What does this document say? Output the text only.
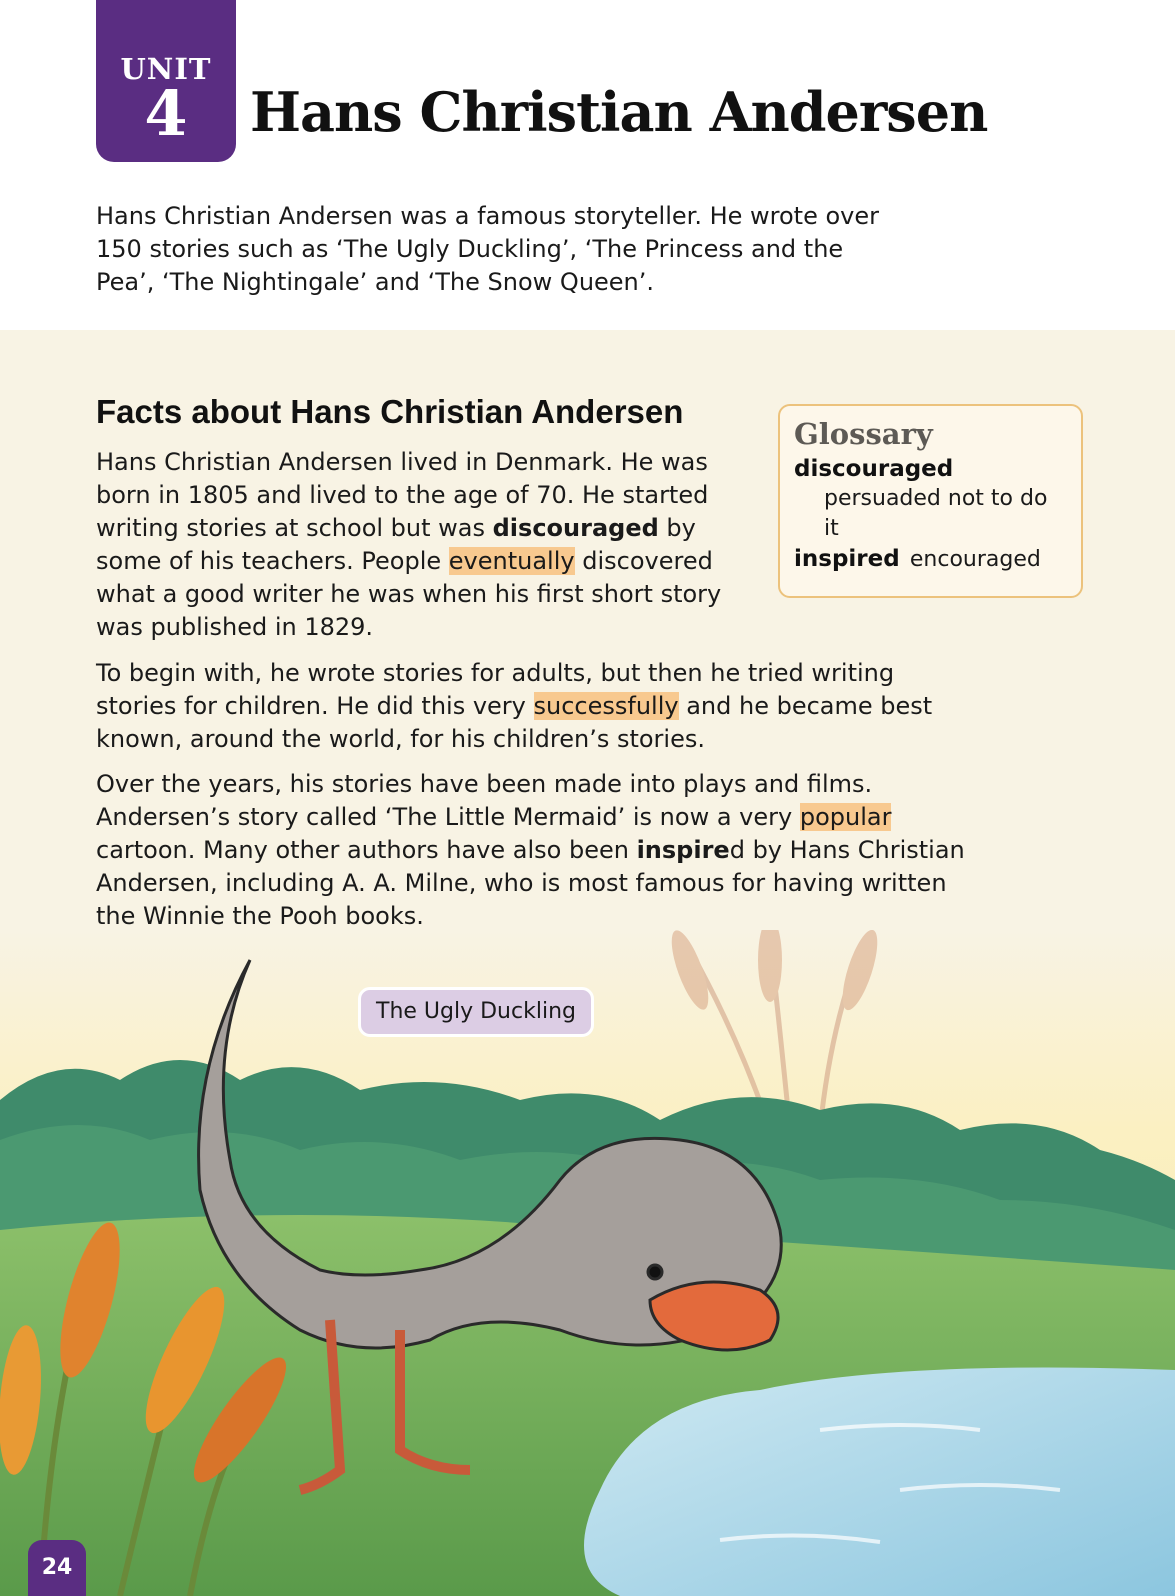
UNIT
4	Hans Christian Andersen

Hans Christian Andersen was a famous storyteller. He wrote over 150 stories such as ‘The Ugly Duckling’, ‘The Princess and the Pea’, ‘The Nightingale’ and ‘The Snow Queen’.

Facts about Hans Christian Andersen

Hans Christian Andersen lived in Denmark. He was born in 1805 and lived to the age of 70. He started writing stories at school but was discouraged by some of his teachers. People eventually discovered what a good writer he was when his first short story was published in 1829.

To begin with, he wrote stories for adults, but then he tried writing stories for children. He did this very successfully and he became best known, around the world, for his children’s stories.

Over the years, his stories have been made into plays and films. Andersen’s story called ‘The Little Mermaid’ is now a very popular cartoon. Many other authors have also been inspired by Hans Christian Andersen, including A. A. Milne, who is most famous for having written the Winnie the Pooh books.

Glossary
discouraged
persuaded not to do it
inspired encouraged
The Ugly Duckling
24
